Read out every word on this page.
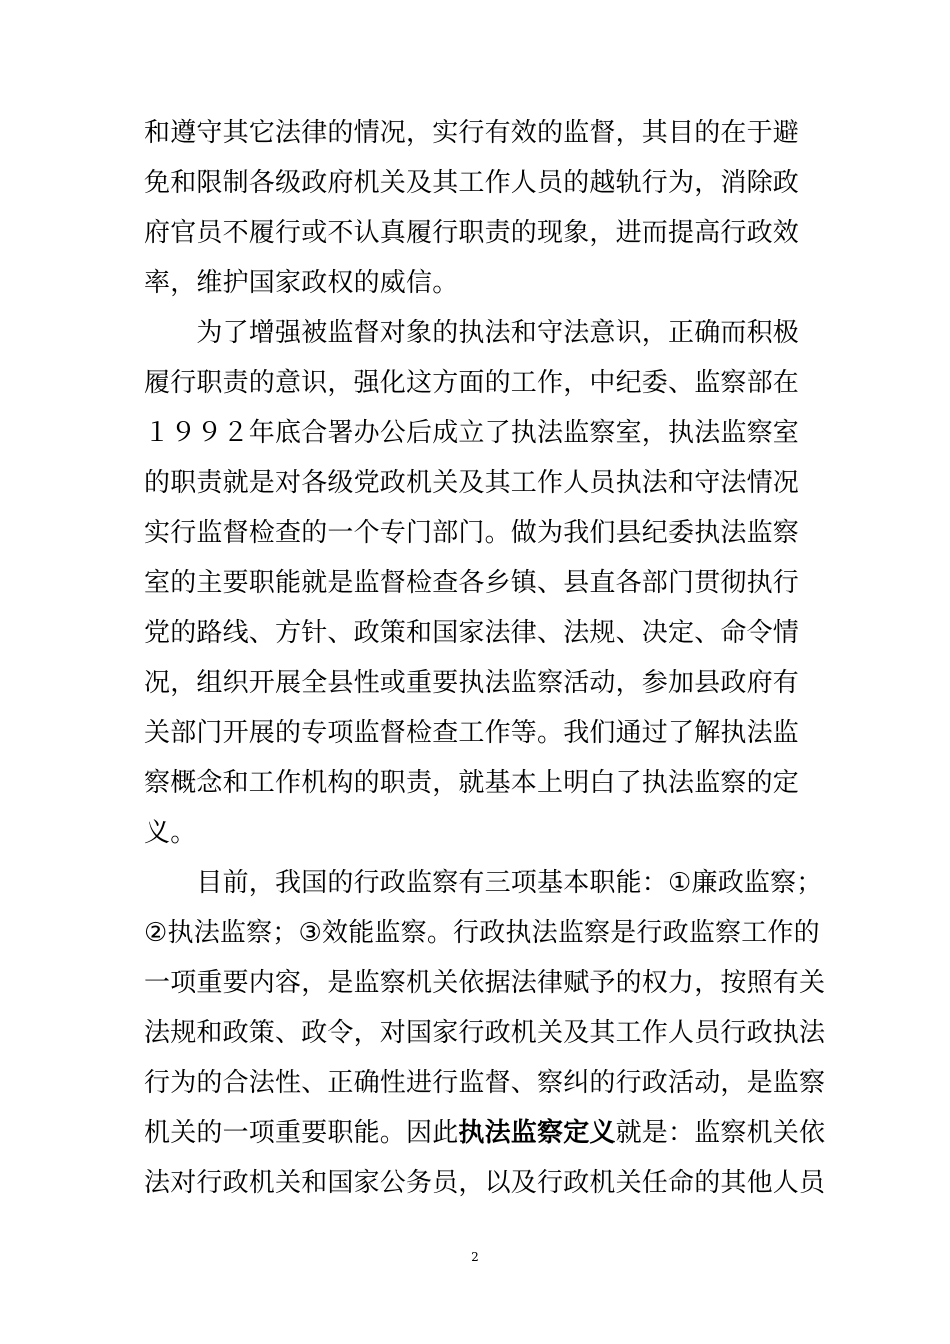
和遵守其它法律的情况，实行有效的监督，其目的在于避
免和限制各级政府机关及其工作人员的越轨行为，消除政
府官员不履行或不认真履行职责的现象，进而提高行政效
率，维护国家政权的威信。
　　为了增强被监督对象的执法和守法意识，正确而积极
履行职责的意识，强化这方面的工作，中纪委、监察部在
１９９２年底合署办公后成立了执法监察室，执法监察室
的职责就是对各级党政机关及其工作人员执法和守法情况
实行监督检查的一个专门部门。做为我们县纪委执法监察
室的主要职能就是监督检查各乡镇、县直各部门贯彻执行
党的路线、方针、政策和国家法律、法规、决定、命令情
况，组织开展全县性或重要执法监察活动，参加县政府有
关部门开展的专项监督检查工作等。我们通过了解执法监
察概念和工作机构的职责，就基本上明白了执法监察的定
义。
　　目前，我国的行政监察有三项基本职能：①廉政监察；
②执法监察；③效能监察。行政执法监察是行政监察工作的
一项重要内容，是监察机关依据法律赋予的权力，按照有关
法规和政策、政令，对国家行政机关及其工作人员行政执法
行为的合法性、正确性进行监督、察纠的行政活动，是监察
机关的一项重要职能。因此执法监察定义就是：监察机关依
法对行政机关和国家公务员，以及行政机关任命的其他人员
2
